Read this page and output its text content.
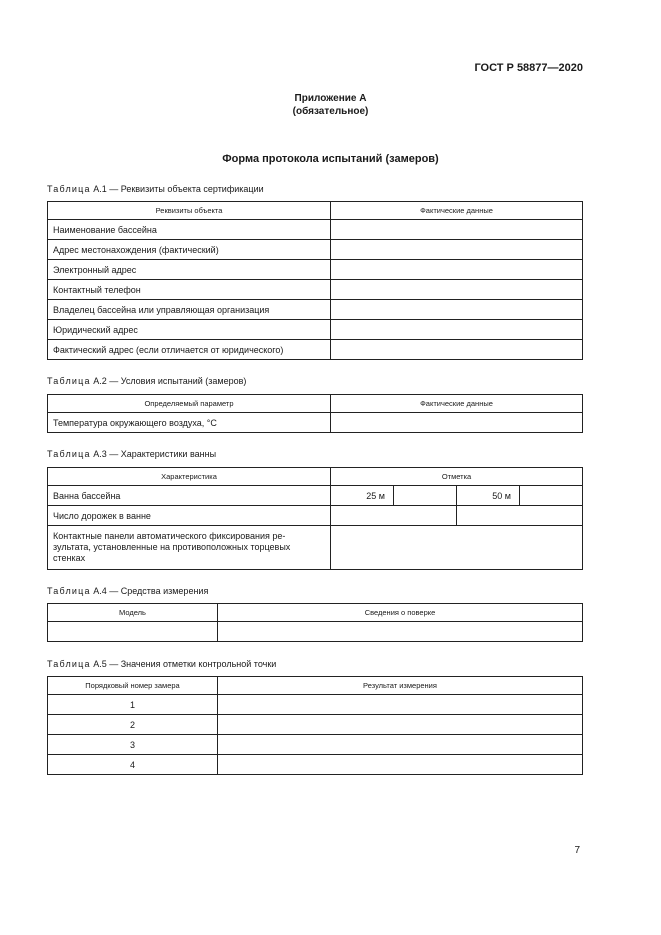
ГОСТ Р 58877—2020
Приложение А
(обязательное)
Форма протокола испытаний (замеров)
Таблица А.1 — Реквизиты объекта сертификации
Реквизиты объекта	Фактические данные
Наименование бассейна	
Адрес местонахождения (фактический)	
Электронный адрес	
Контактный телефон	
Владелец бассейна или управляющая организация	
Юридический адрес	
Фактический адрес (если отличается от юридического)	
Таблица А.2 — Условия испытаний (замеров)
Определяемый параметр	Фактические данные
Температура окружающего воздуха, °С	
Таблица А.3 — Характеристики ванны
Характеристика	Отметка			
Ванна бассейна	25 м		50 м	
Число дорожек в ванне				
Контактные панели автоматического фиксирования ре-
зультата, установленные на противоположных торцевых
стенках				
Таблица А.4 — Средства измерения
Модель	Сведения о поверке

Таблица А.5 — Значения отметки контрольной точки
Порядковый номер замера	Результат измерения
1	
2	
3	
4	
7
